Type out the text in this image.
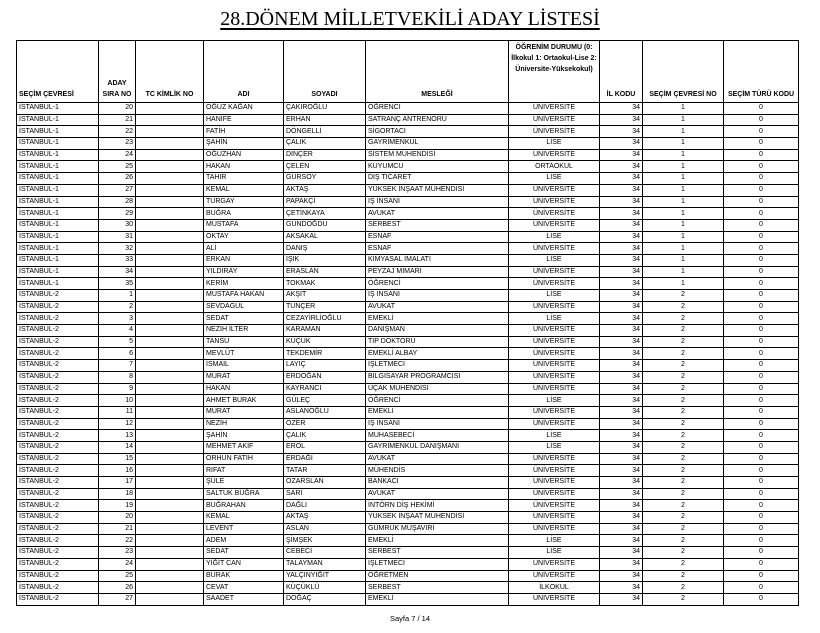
28.DÖNEM MİLLETVEKİLİ ADAY LİSTESİ
SEÇİM ÇEVRESİ	ADAY SIRA NO	TC KİMLİK NO	ADI	SOYADI	MESLEĞİ	ÖĞRENİM DURUMU (0: İlkokul 1: Ortaokul-Lise 2: Üniversite-Yüksekokul)	İL KODU	SEÇİM ÇEVRESİ NO	SEÇİM TÜRÜ KODU
İSTANBUL-1	20		OĞUZ KAĞAN	ÇAKIROĞLU	ÖĞRENCİ	ÜNİVERSİTE	34	1	0
İSTANBUL-1	21		HANİFE	ERHAN	SATRANÇ ANTRENÖRÜ	ÜNİVERSİTE	34	1	0
İSTANBUL-1	22		FATİH	DÖNGELLİ	SİGORTACI	ÜNİVERSİTE	34	1	0
İSTANBUL-1	23		ŞAHİN	ÇALIK	GAYRİMENKUL	LİSE	34	1	0
İSTANBUL-1	24		OĞUZHAN	DİNÇER	SİSTEM MÜHENDİSİ	ÜNİVERSİTE	34	1	0
İSTANBUL-1	25		HAKAN	ÇELEN	KUYUMCU	ORTAOKUL	34	1	0
İSTANBUL-1	26		TAHİR	GÜRSOY	DIŞ TİCARET	LİSE	34	1	0
İSTANBUL-1	27		KEMAL	AKTAŞ	YÜKSEK İNŞAAT MÜHENDİSİ	ÜNİVERSİTE	34	1	0
İSTANBUL-1	28		TURGAY	PAPAKÇI	İŞ İNSANI	ÜNİVERSİTE	34	1	0
İSTANBUL-1	29		BUĞRA	ÇETİNKAYA	AVUKAT	ÜNİVERSİTE	34	1	0
İSTANBUL-1	30		MUSTAFA	GÜNDOĞDU	SERBEST	ÜNİVERSİTE	34	1	0
İSTANBUL-1	31		OKTAY	AKSAKAL	ESNAF	LİSE	34	1	0
İSTANBUL-1	32		ALİ	DANIŞ	ESNAF	ÜNİVERSİTE	34	1	0
İSTANBUL-1	33		ERKAN	IŞIK	KİMYASAL İMALATI	LİSE	34	1	0
İSTANBUL-1	34		YILDIRAY	ERASLAN	PEYZAJ MİMARI	ÜNİVERSİTE	34	1	0
İSTANBUL-1	35		KERİM	TOKMAK	ÖĞRENCİ	ÜNİVERSİTE	34	1	0
İSTANBUL-2	1		MUSTAFA HAKAN	AKŞİT	İŞ İNSANI	LİSE	34	2	0
İSTANBUL-2	2		SEVDAGÜL	TUNÇER	AVUKAT	ÜNİVERSİTE	34	2	0
İSTANBUL-2	3		SEDAT	CEZAYİRLİOĞLU	EMEKLİ	LİSE	34	2	0
İSTANBUL-2	4		NEZİH İLTER	KARAMAN	DANIŞMAN	ÜNİVERSİTE	34	2	0
İSTANBUL-2	5		TANSU	KÜÇÜK	TIP DOKTORU	ÜNİVERSİTE	34	2	0
İSTANBUL-2	6		MEVLÜT	TEKDEMİR	EMEKLİ ALBAY	ÜNİVERSİTE	34	2	0
İSTANBUL-2	7		İSMAİL	LAYIÇ	İŞLETMECİ	ÜNİVERSİTE	34	2	0
İSTANBUL-2	8		MURAT	ERDOĞAN	BİLGİSAYAR PROGRAMCISI	ÜNİVERSİTE	34	2	0
İSTANBUL-2	9		HAKAN	KAYRANCI	UÇAK MÜHENDİSİ	ÜNİVERSİTE	34	2	0
İSTANBUL-2	10		AHMET BURAK	GÜLEÇ	ÖĞRENCİ	LİSE	34	2	0
İSTANBUL-2	11		MURAT	ASLANOĞLU	EMEKLİ	ÜNİVERSİTE	34	2	0
İSTANBUL-2	12		NEZİH	ÖZER	İŞ İNSANI	ÜNİVERSİTE	34	2	0
İSTANBUL-2	13		ŞAHİN	ÇALIK	MUHASEBECİ	LİSE	34	2	0
İSTANBUL-2	14		MEHMET AKİF	EROL	GAYRİMENKUL DANIŞMANI	LİSE	34	2	0
İSTANBUL-2	15		ORHUN FATİH	ERDAĞI	AVUKAT	ÜNİVERSİTE	34	2	0
İSTANBUL-2	16		RIFAT	TATAR	MÜHENDİS	ÜNİVERSİTE	34	2	0
İSTANBUL-2	17		ŞULE	ÖZARSLAN	BANKACI	ÜNİVERSİTE	34	2	0
İSTANBUL-2	18		SALTUK BUĞRA	SARI	AVUKAT	ÜNİVERSİTE	34	2	0
İSTANBUL-2	19		BUĞRAHAN	DAĞLI	İNTÖRN DİŞ HEKİMİ	ÜNİVERSİTE	34	2	0
İSTANBUL-2	20		KEMAL	AKTAŞ	YÜKSEK İNŞAAT MÜHENDİSİ	ÜNİVERSİTE	34	2	0
İSTANBUL-2	21		LEVENT	ASLAN	GÜMRÜK MÜŞAVİRİ	ÜNİVERSİTE	34	2	0
İSTANBUL-2	22		ADEM	ŞİMŞEK	EMEKLİ	LİSE	34	2	0
İSTANBUL-2	23		SEDAT	CEBECİ	SERBEST	LİSE	34	2	0
İSTANBUL-2	24		YİĞİT CAN	TALAYMAN	İŞLETMECİ	ÜNİVERSİTE	34	2	0
İSTANBUL-2	25		BURAK	YALÇINYİĞİT	ÖĞRETMEN	ÜNİVERSİTE	34	2	0
İSTANBUL-2	26		CEVAT	KÜÇÜKLÜ	SERBEST	İLKOKUL	34	2	0
İSTANBUL-2	27		SAADET	DOĞAÇ	EMEKLİ	ÜNİVERSİTE	34	2	0
Sayfa 7 / 14
